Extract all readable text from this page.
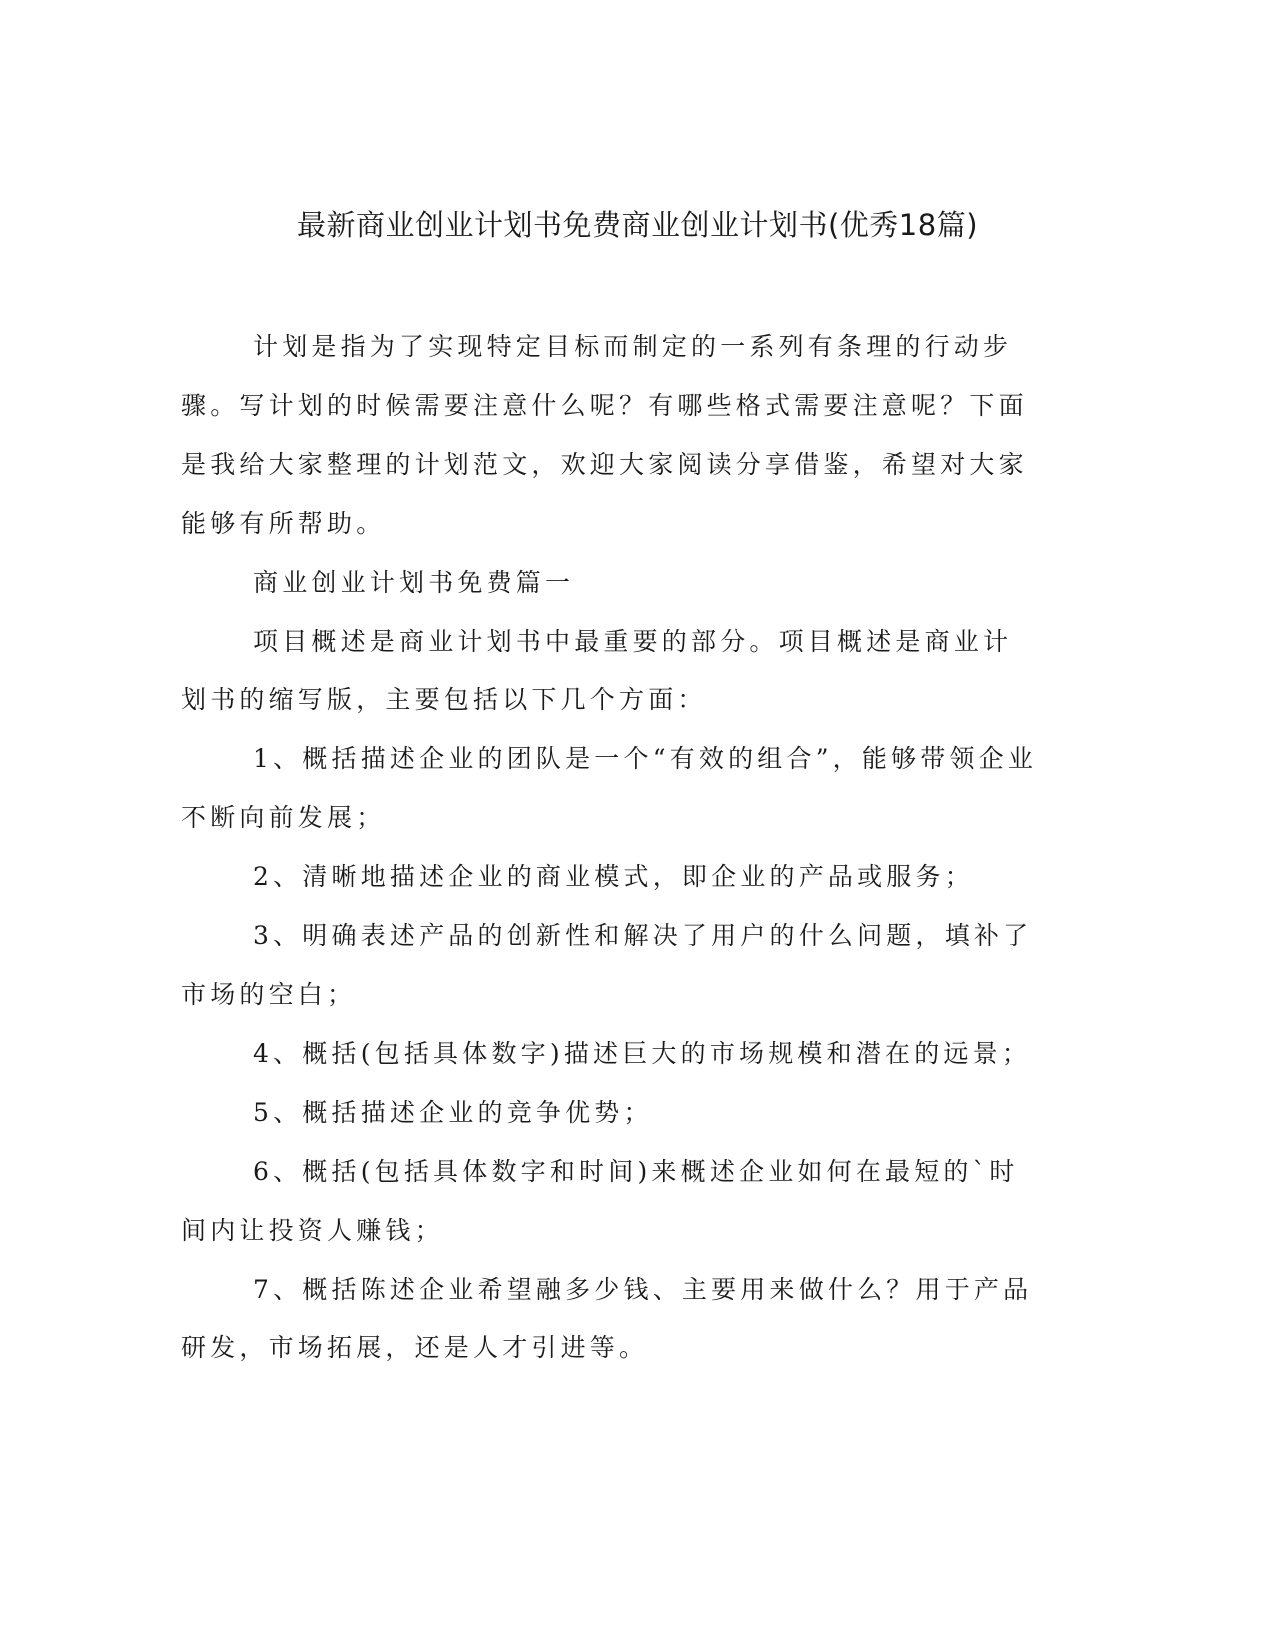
最新商业创业计划书免费商业创业计划书(优秀18篇)

计划是指为了实现特定目标而制定的一系列有条理的行动步骤。写计划的时候需要注意什么呢？有哪些格式需要注意呢？下面是我给大家整理的计划范文，欢迎大家阅读分享借鉴，希望对大家能够有所帮助。

商业创业计划书免费篇一

项目概述是商业计划书中最重要的部分。项目概述是商业计划书的缩写版，主要包括以下几个方面：

1、概括描述企业的团队是一个“有效的组合”，能够带领企业不断向前发展；

2、清晰地描述企业的商业模式，即企业的产品或服务；

3、明确表述产品的创新性和解决了用户的什么问题，填补了市场的空白；

4、概括(包括具体数字)描述巨大的市场规模和潜在的远景；

5、概括描述企业的竞争优势；

6、概括(包括具体数字和时间)来概述企业如何在最短的`时间内让投资人赚钱；

7、概括陈述企业希望融多少钱、主要用来做什么？用于产品研发，市场拓展，还是人才引进等。
